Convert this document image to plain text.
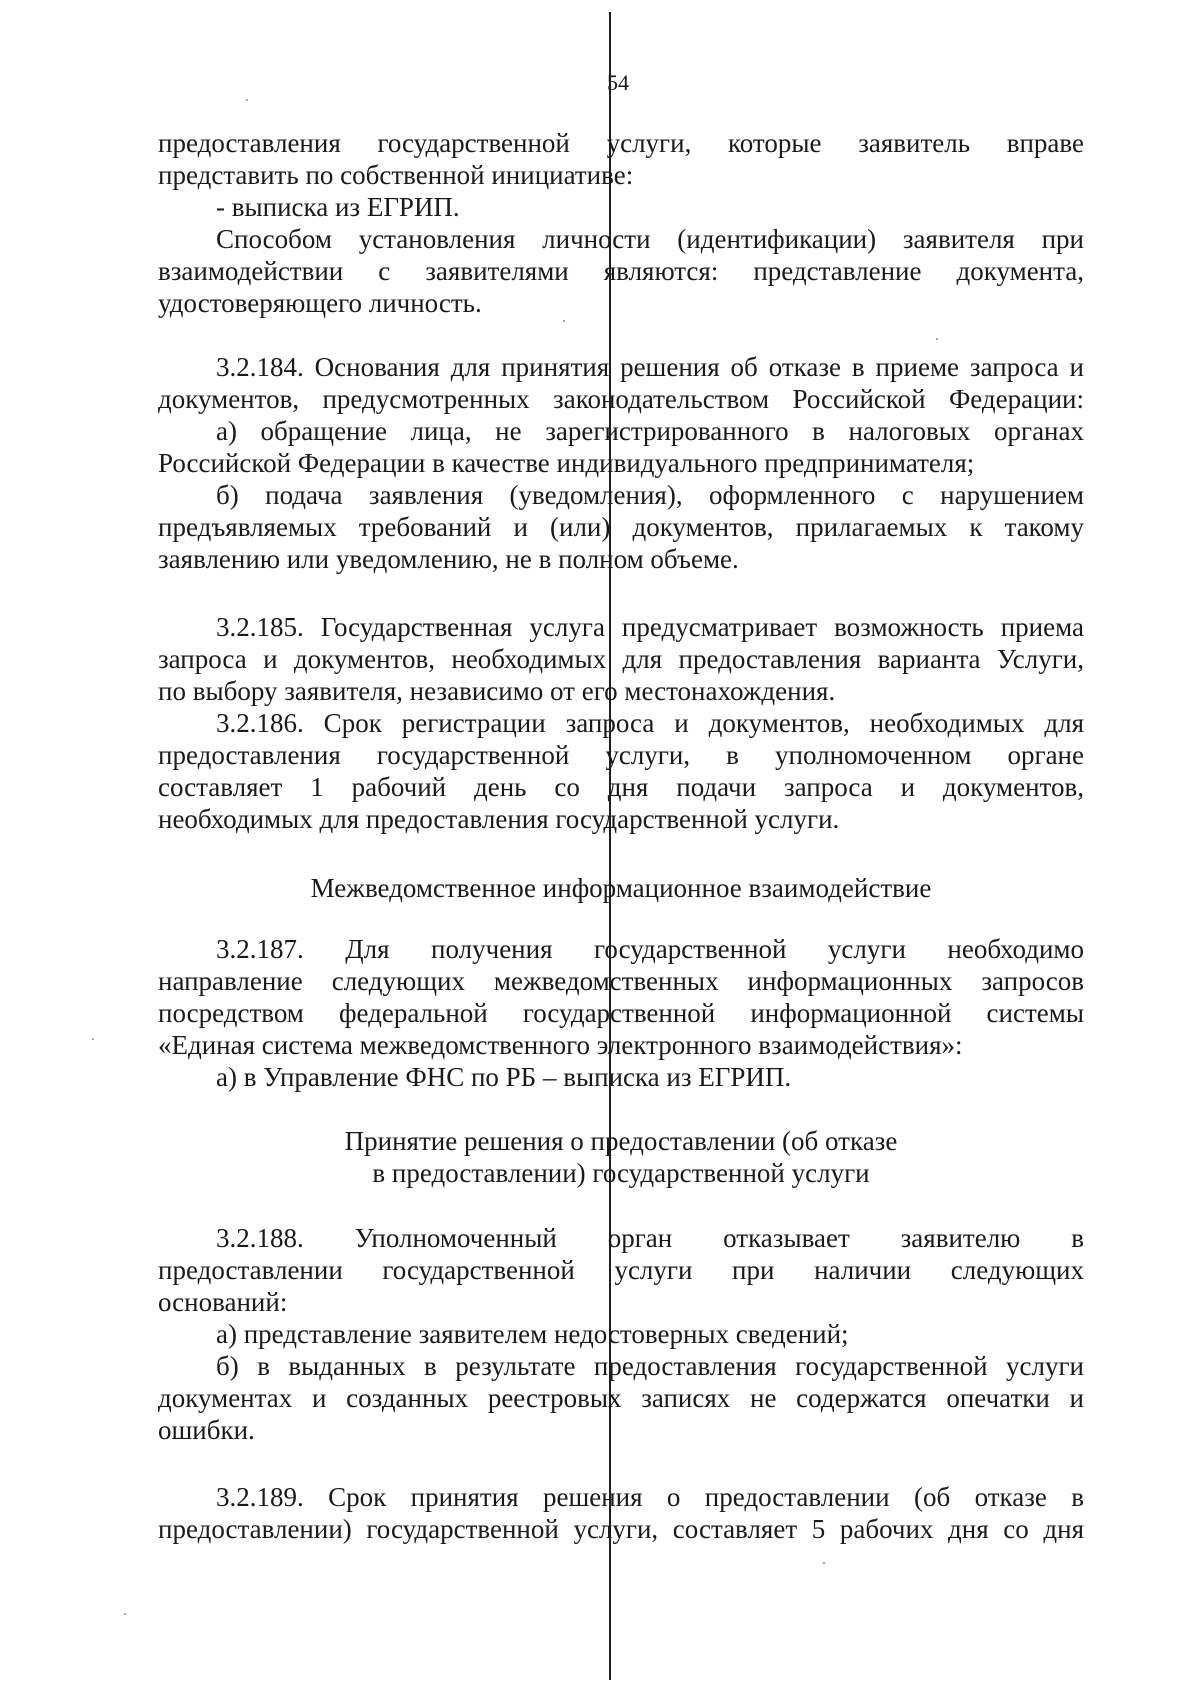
54

предоставления государственной услуги, которые заявитель вправе

представить по собственной инициативе:

- выписка из ЕГРИП.

Способом установления личности (идентификации) заявителя при

взаимодействии с заявителями являются: представление документа,

удостоверяющего личность.

3.2.184. Основания для принятия решения об отказе в приеме запроса и

документов, предусмотренных законодательством Российской Федерации:

а) обращение лица, не зарегистрированного в налоговых органах

Российской Федерации в качестве индивидуального предпринимателя;

б) подача заявления (уведомления), оформленного с нарушением

предъявляемых требований и (или) документов, прилагаемых к такому

заявлению или уведомлению, не в полном объеме.

3.2.185. Государственная услуга предусматривает возможность приема

запроса и документов, необходимых для предоставления варианта Услуги,

по выбору заявителя, независимо от его местонахождения.

3.2.186. Срок регистрации запроса и документов, необходимых для

предоставления государственной услуги, в уполномоченном органе

составляет 1 рабочий день со дня подачи запроса и документов,

необходимых для предоставления государственной услуги.

Межведомственное информационное взаимодействие

3.2.187. Для получения государственной услуги необходимо

направление следующих межведомственных информационных запросов

посредством федеральной государственной информационной системы

«Единая система межведомственного электронного взаимодействия»:

а) в Управление ФНС по РБ – выписка из ЕГРИП.

Принятие решения о предоставлении (об отказе

в предоставлении) государственной услуги

3.2.188. Уполномоченный орган отказывает заявителю в

предоставлении государственной услуги при наличии следующих

оснований:

а) представление заявителем недостоверных сведений;

б) в выданных в результате предоставления государственной услуги

документах и созданных реестровых записях не содержатся опечатки и

ошибки.

3.2.189. Срок принятия решения о предоставлении (об отказе в

предоставлении) государственной услуги, составляет 5 рабочих дня со дня
